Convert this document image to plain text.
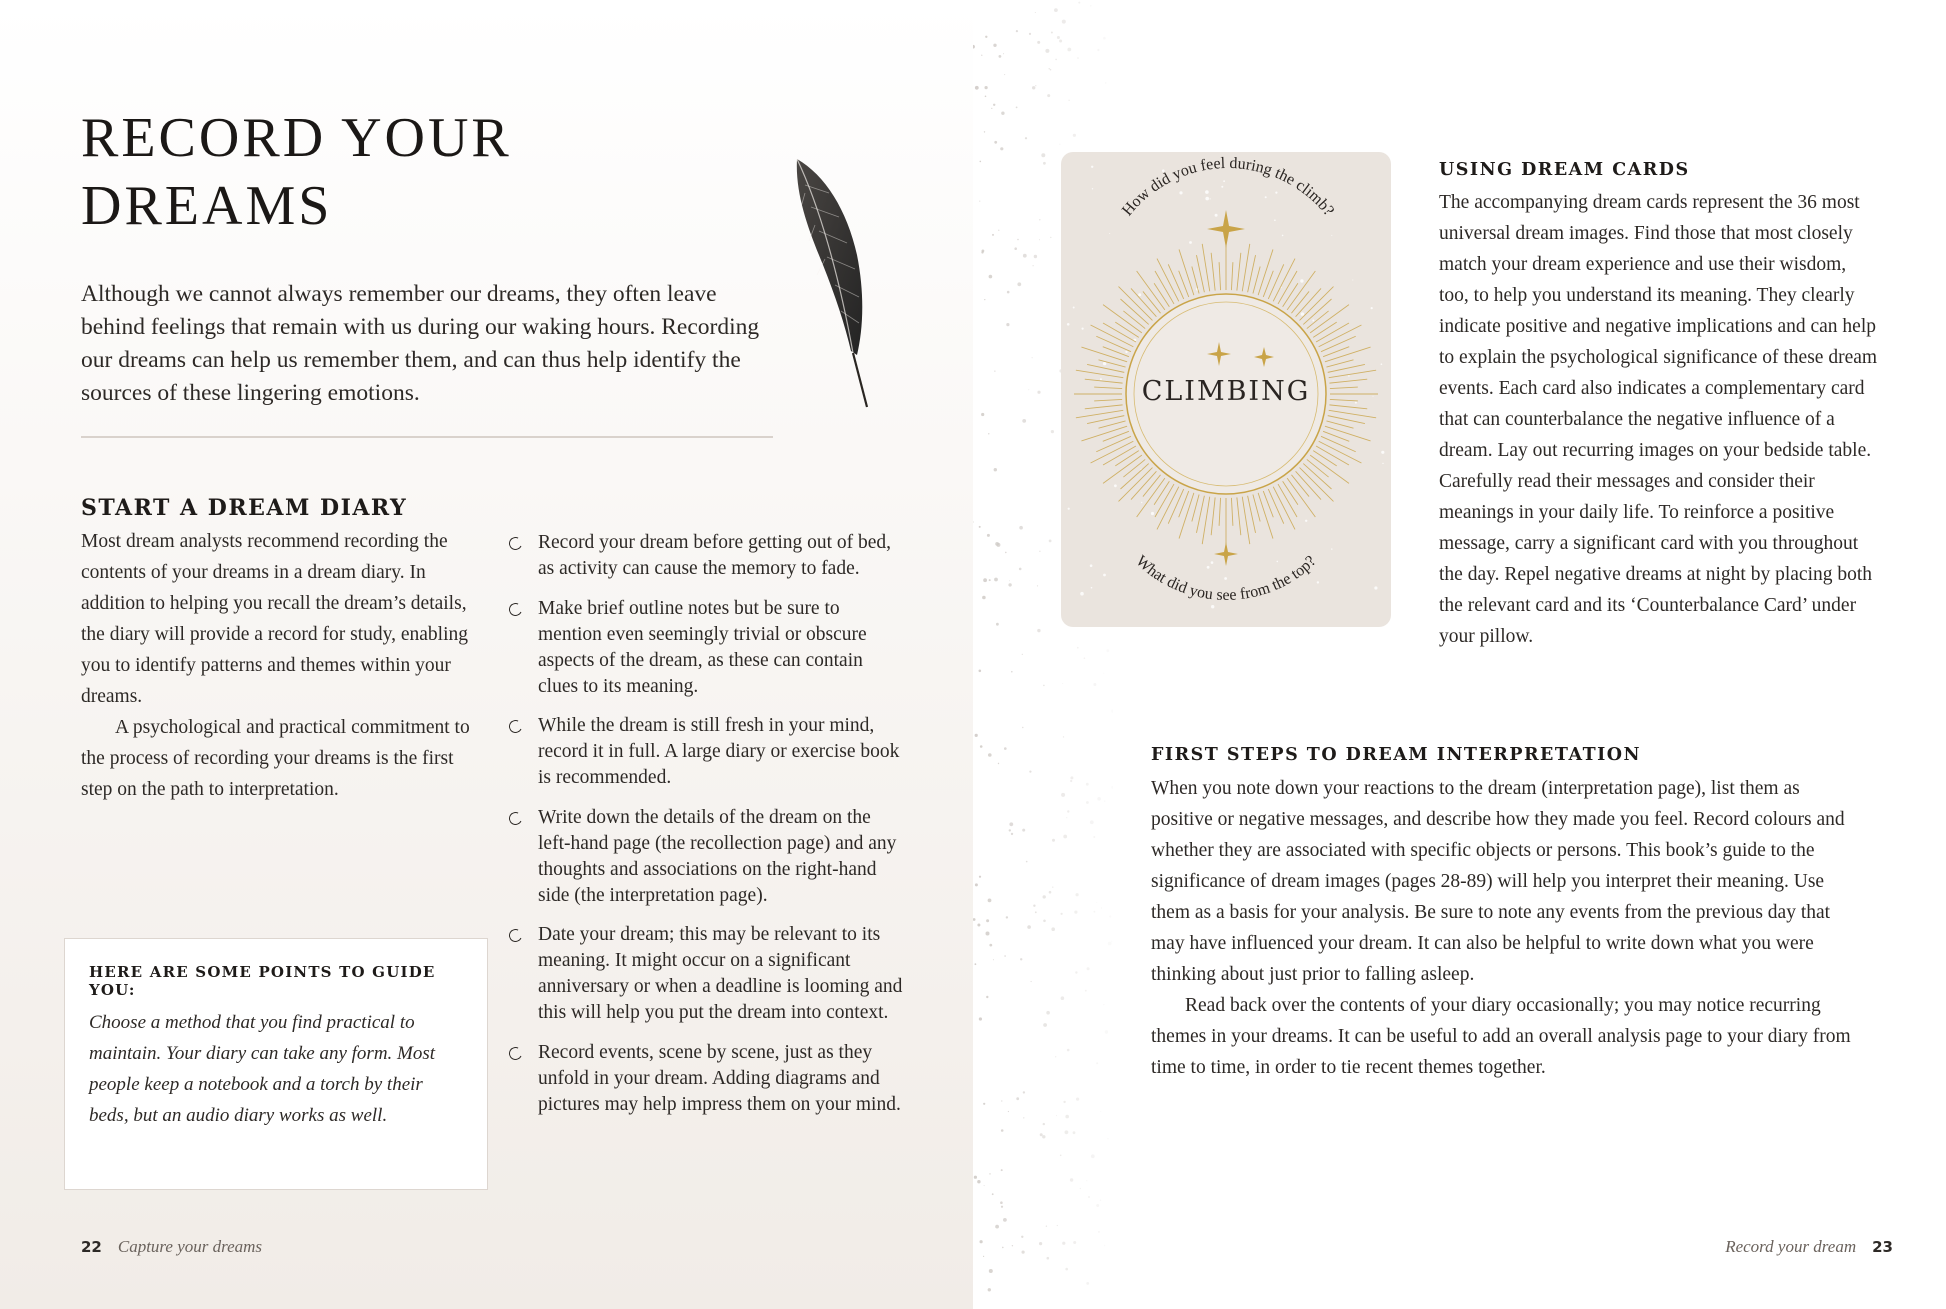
RECORD YOUR DREAMS

Although we cannot always remember our dreams, they often leave behind feelings that remain with us during our waking hours. Recording our dreams can help us remember them, and can thus help identify the sources of these lingering emotions.

START A DREAM DIARY

Most dream analysts recommend recording the contents of your dreams in a dream diary. In addition to helping you recall the dream’s details, the diary will provide a record for study, enabling you to identify patterns and themes within your dreams.

A psychological and practical commitment to the process of recording your dreams is the first step on the path to interpretation.

HERE ARE SOME POINTS TO GUIDE YOU:

Choose a method that you find practical to maintain. Your diary can take any form. Most people keep a notebook and a torch by their beds, but an audio diary works as well.

Record your dream before getting out of bed, as activity can cause the memory to fade.
Make brief outline notes but be sure to mention even seemingly trivial or obscure aspects of the dream, as these can contain clues to its meaning.
While the dream is still fresh in your mind, record it in full. A large diary or exercise book is recommended.
Write down the details of the dream on the left-hand page (the recollection page) and any thoughts and associations on the right-hand side (the interpretation page).
Date your dream; this may be relevant to its meaning. It might occur on a significant anniversary or when a deadline is looming and this will help you put the dream into context.
Record events, scene by scene, just as they unfold in your dream. Adding diagrams and pictures may help impress them on your mind.
22 Capture your dreams
How did you feel during the climb?
What did you see from the top?
CLIMBING
USING DREAM CARDS

The accompanying dream cards represent the 36 most universal dream images. Find those that most closely match your dream experience and use their wisdom, too, to help you understand its meaning. They clearly indicate positive and negative implications and can help to explain the psychological significance of these dream events. Each card also indicates a complementary card that can counterbalance the negative influence of a dream. Lay out recurring images on your bedside table. Carefully read their messages and consider their meanings in your daily life. To reinforce a positive message, carry a significant card with you throughout the day. Repel negative dreams at night by placing both the relevant card and its ‘Counterbalance Card’ under your pillow.

FIRST STEPS TO DREAM INTERPRETATION

When you note down your reactions to the dream (interpretation page), list them as positive or negative messages, and describe how they made you feel. Record colours and whether they are associated with specific objects or persons. This book’s guide to the significance of dream images (pages 28-89) will help you interpret their meaning. Use them as a basis for your analysis. Be sure to note any events from the previous day that may have influenced your dream. It can also be helpful to write down what you were thinking about just prior to falling asleep.

Read back over the contents of your diary occasionally; you may notice recurring themes in your dreams. It can be useful to add an overall analysis page to your diary from time to time, in order to tie recent themes together.

Record your dream 23
